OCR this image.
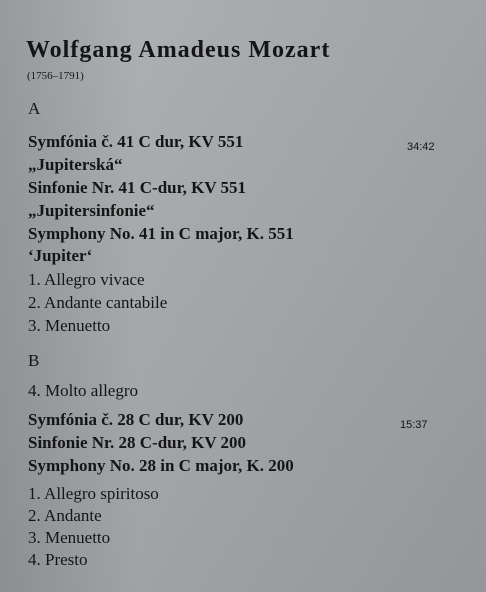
Wolfgang Amadeus Mozart
(1756–1791)
A
Symfónia č. 41 C dur, KV 551	34:42
„Jupiterská“
Sinfonie Nr. 41 C-dur, KV 551
„Jupitersinfonie“
Symphony No. 41 in C major, K. 551
‘Jupiter‘
1. Allegro vivace
2. Andante cantabile
3. Menuetto
B
4. Molto allegro
Symfónia č. 28 C dur, KV 200	15:37
Sinfonie Nr. 28 C-dur, KV 200
Symphony No. 28 in C major, K. 200
1. Allegro spiritoso
2. Andante
3. Menuetto
4. Presto
